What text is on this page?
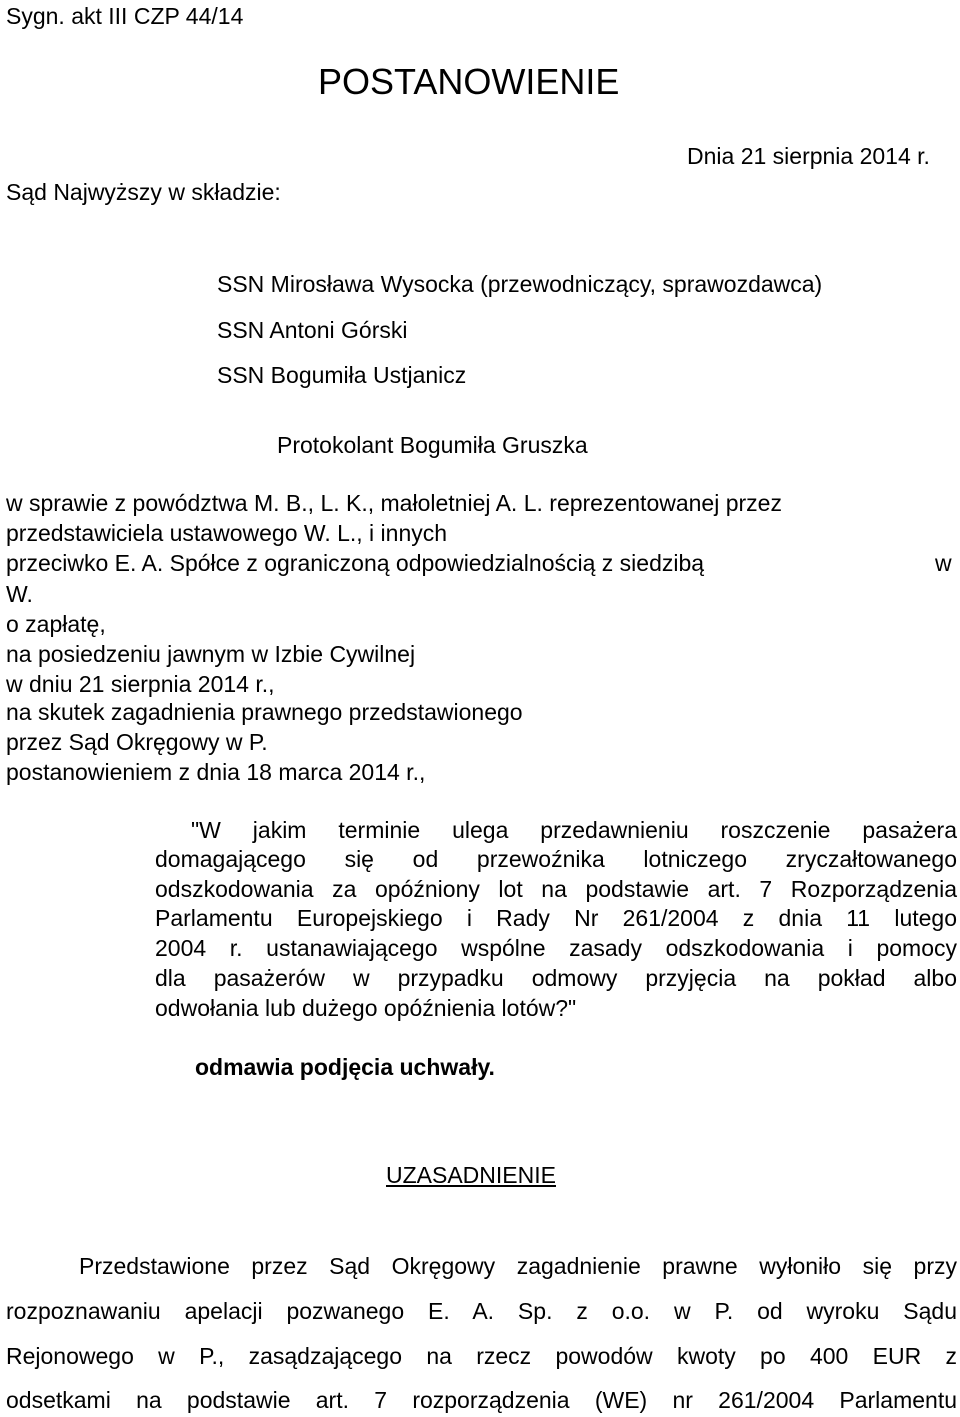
Sygn. akt III CZP 44/14
POSTANOWIENIE
Dnia 21 sierpnia 2014 r.
Sąd Najwyższy w składzie:
SSN Mirosława Wysocka (przewodniczący, sprawozdawca)
SSN Antoni Górski
SSN Bogumiła Ustjanicz
Protokolant Bogumiła Gruszka
w sprawie z powództwa M. B., L. K., małoletniej A. L. reprezentowanej przez
przedstawiciela ustawowego W. L., i innych
przeciwko E. A. Spółce z ograniczoną odpowiedzialnością z siedzibą	w
W.
o zapłatę,
na posiedzeniu jawnym w Izbie Cywilnej
w dniu 21 sierpnia 2014 r.,
na skutek zagadnienia prawnego przedstawionego
przez Sąd Okręgowy w P.
postanowieniem z dnia 18 marca 2014 r.,
"W jakim terminie ulega przedawnieniu roszczenie pasażera
domagającego się od przewoźnika lotniczego zryczałtowanego
odszkodowania za opóźniony lot na podstawie art. 7 Rozporządzenia
Parlamentu Europejskiego i Rady Nr 261/2004 z dnia 11 lutego
2004 r. ustanawiającego wspólne zasady odszkodowania i pomocy
dla pasażerów w przypadku odmowy przyjęcia na pokład albo
odwołania lub dużego opóźnienia lotów?"
odmawia podjęcia uchwały.
UZASADNIENIE
Przedstawione przez Sąd Okręgowy zagadnienie prawne wyłoniło się przy
rozpoznawaniu apelacji pozwanego E. A. Sp. z o.o. w P. od wyroku Sądu
Rejonowego w P., zasądzającego na rzecz powodów kwoty po 400 EUR z
odsetkami na podstawie art. 7 rozporządzenia (WE) nr 261/2004 Parlamentu
